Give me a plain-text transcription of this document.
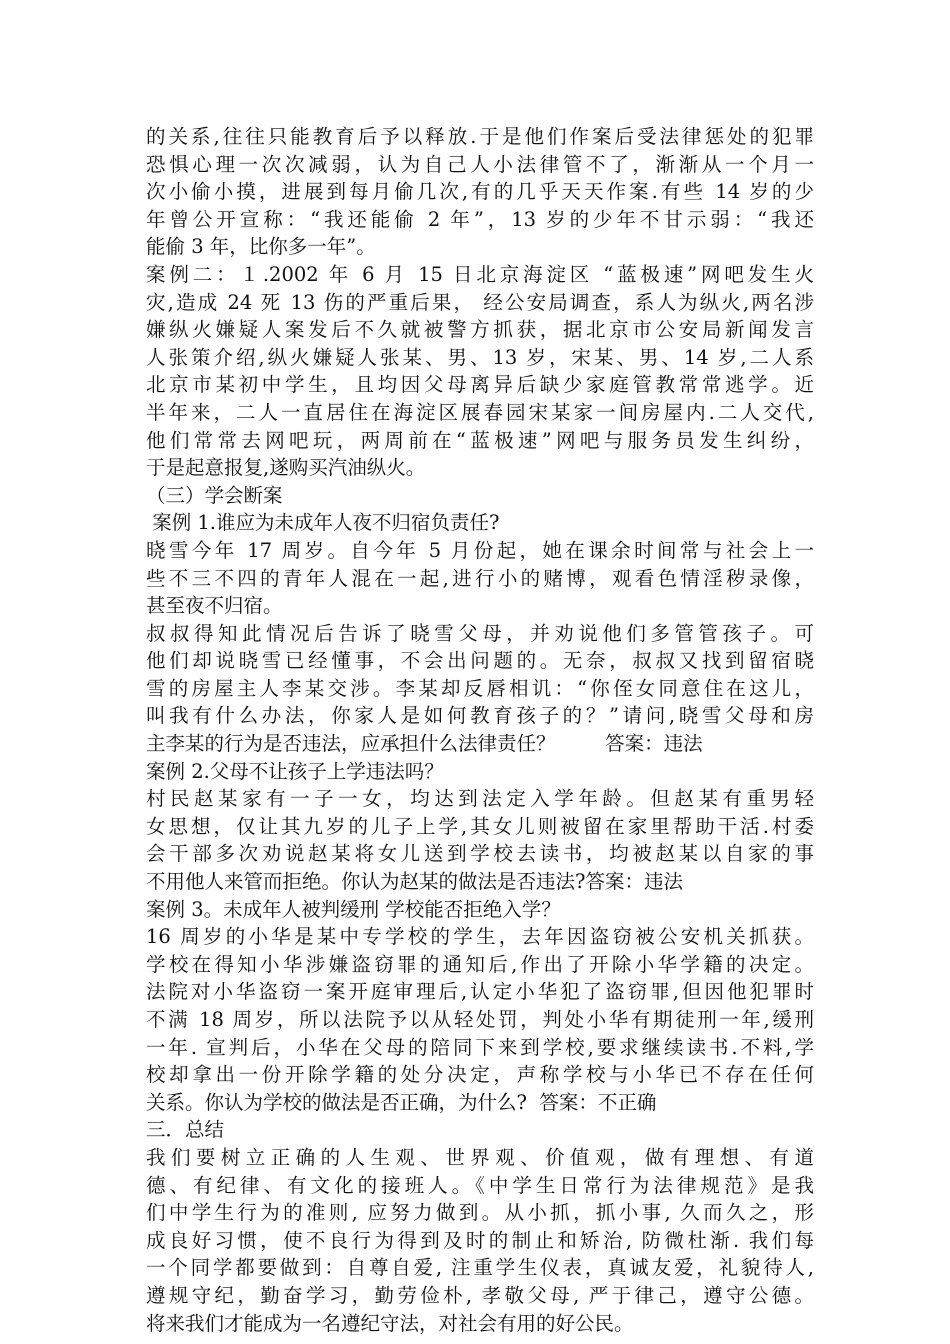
的关系,往往只能教育后予以释放.于是他们作案后受法律惩处的犯罪
恐惧心理一次次减弱，认为自己人小法律管不了，渐渐从一个月一
次小偷小摸，进展到每月偷几次,有的几乎天天作案.有些 14 岁的少
年曾公开宣称：“我还能偷 2 年”，13 岁的少年不甘示弱：“我还
能偷 3 年，比你多一年”。
案例二：１.2002 年 6 月 15 日北京海淀区 “蓝极速”网吧发生火
灾,造成 24 死 13 伤的严重后果， 经公安局调查，系人为纵火,两名涉
嫌纵火嫌疑人案发后不久就被警方抓获，据北京市公安局新闻发言
人张策介绍,纵火嫌疑人张某、男、13 岁，宋某、男、14 岁,二人系
北京市某初中学生，且均因父母离异后缺少家庭管教常常逃学。近
半年来，二人一直居住在海淀区展春园宋某家一间房屋内.二人交代,
他们常常去网吧玩，两周前在“蓝极速”网吧与服务员发生纠纷，
于是起意报复,遂购买汽油纵火。
（三）学会断案
案例 1.谁应为未成年人夜不归宿负责任?
晓雪今年 17 周岁。自今年 5 月份起，她在课余时间常与社会上一
些不三不四的青年人混在一起,进行小的赌博，观看色情淫秽录像，
甚至夜不归宿。
叔叔得知此情况后告诉了晓雪父母，并劝说他们多管管孩子。可
他们却说晓雪已经懂事，不会出问题的。无奈，叔叔又找到留宿晓
雪的房屋主人李某交涉。李某却反唇相讥：“你侄女同意住在这儿，
叫我有什么办法，你家人是如何教育孩子的？”请问,晓雪父母和房
主李某的行为是否违法，应承担什么法律责任？        答案：违法
案例 2.父母不让孩子上学违法吗？
村民赵某家有一子一女，均达到法定入学年龄。但赵某有重男轻
女思想，仅让其九岁的儿子上学,其女儿则被留在家里帮助干活.村委
会干部多次劝说赵某将女儿送到学校去读书，均被赵某以自家的事
不用他人来管而拒绝。你认为赵某的做法是否违法?答案：违法
案例 3。未成年人被判缓刑 学校能否拒绝入学？
16 周岁的小华是某中专学校的学生，去年因盗窃被公安机关抓获。
学校在得知小华涉嫌盗窃罪的通知后,作出了开除小华学籍的决定。
法院对小华盗窃一案开庭审理后,认定小华犯了盗窃罪,但因他犯罪时
不满 18 周岁，所以法院予以从轻处罚，判处小华有期徒刑一年,缓刑
一年. 宣判后，小华在父母的陪同下来到学校,要求继续读书.不料,学
校却拿出一份开除学籍的处分决定，声称学校与小华已不存在任何
关系。你认为学校的做法是否正确，为什么?  答案：不正确
三．总结
我们要树立正确的人生观、世界观、价值观，做有理想、有道
德、有纪律、有文化的接班人。《中学生日常行为法律规范》是我
们中学生行为的准则, 应努力做到。从小抓，抓小事, 久而久之，形
成良好习惯，使不良行为得到及时的制止和矫治, 防微杜渐. 我们每
一个同学都要做到：自尊自爱, 注重学生仪表，真诚友爱，礼貌待人,
遵规守纪，勤奋学习，勤劳俭朴, 孝敬父母, 严于律己，遵守公德。
将来我们才能成为一名遵纪守法，对社会有用的好公民。
